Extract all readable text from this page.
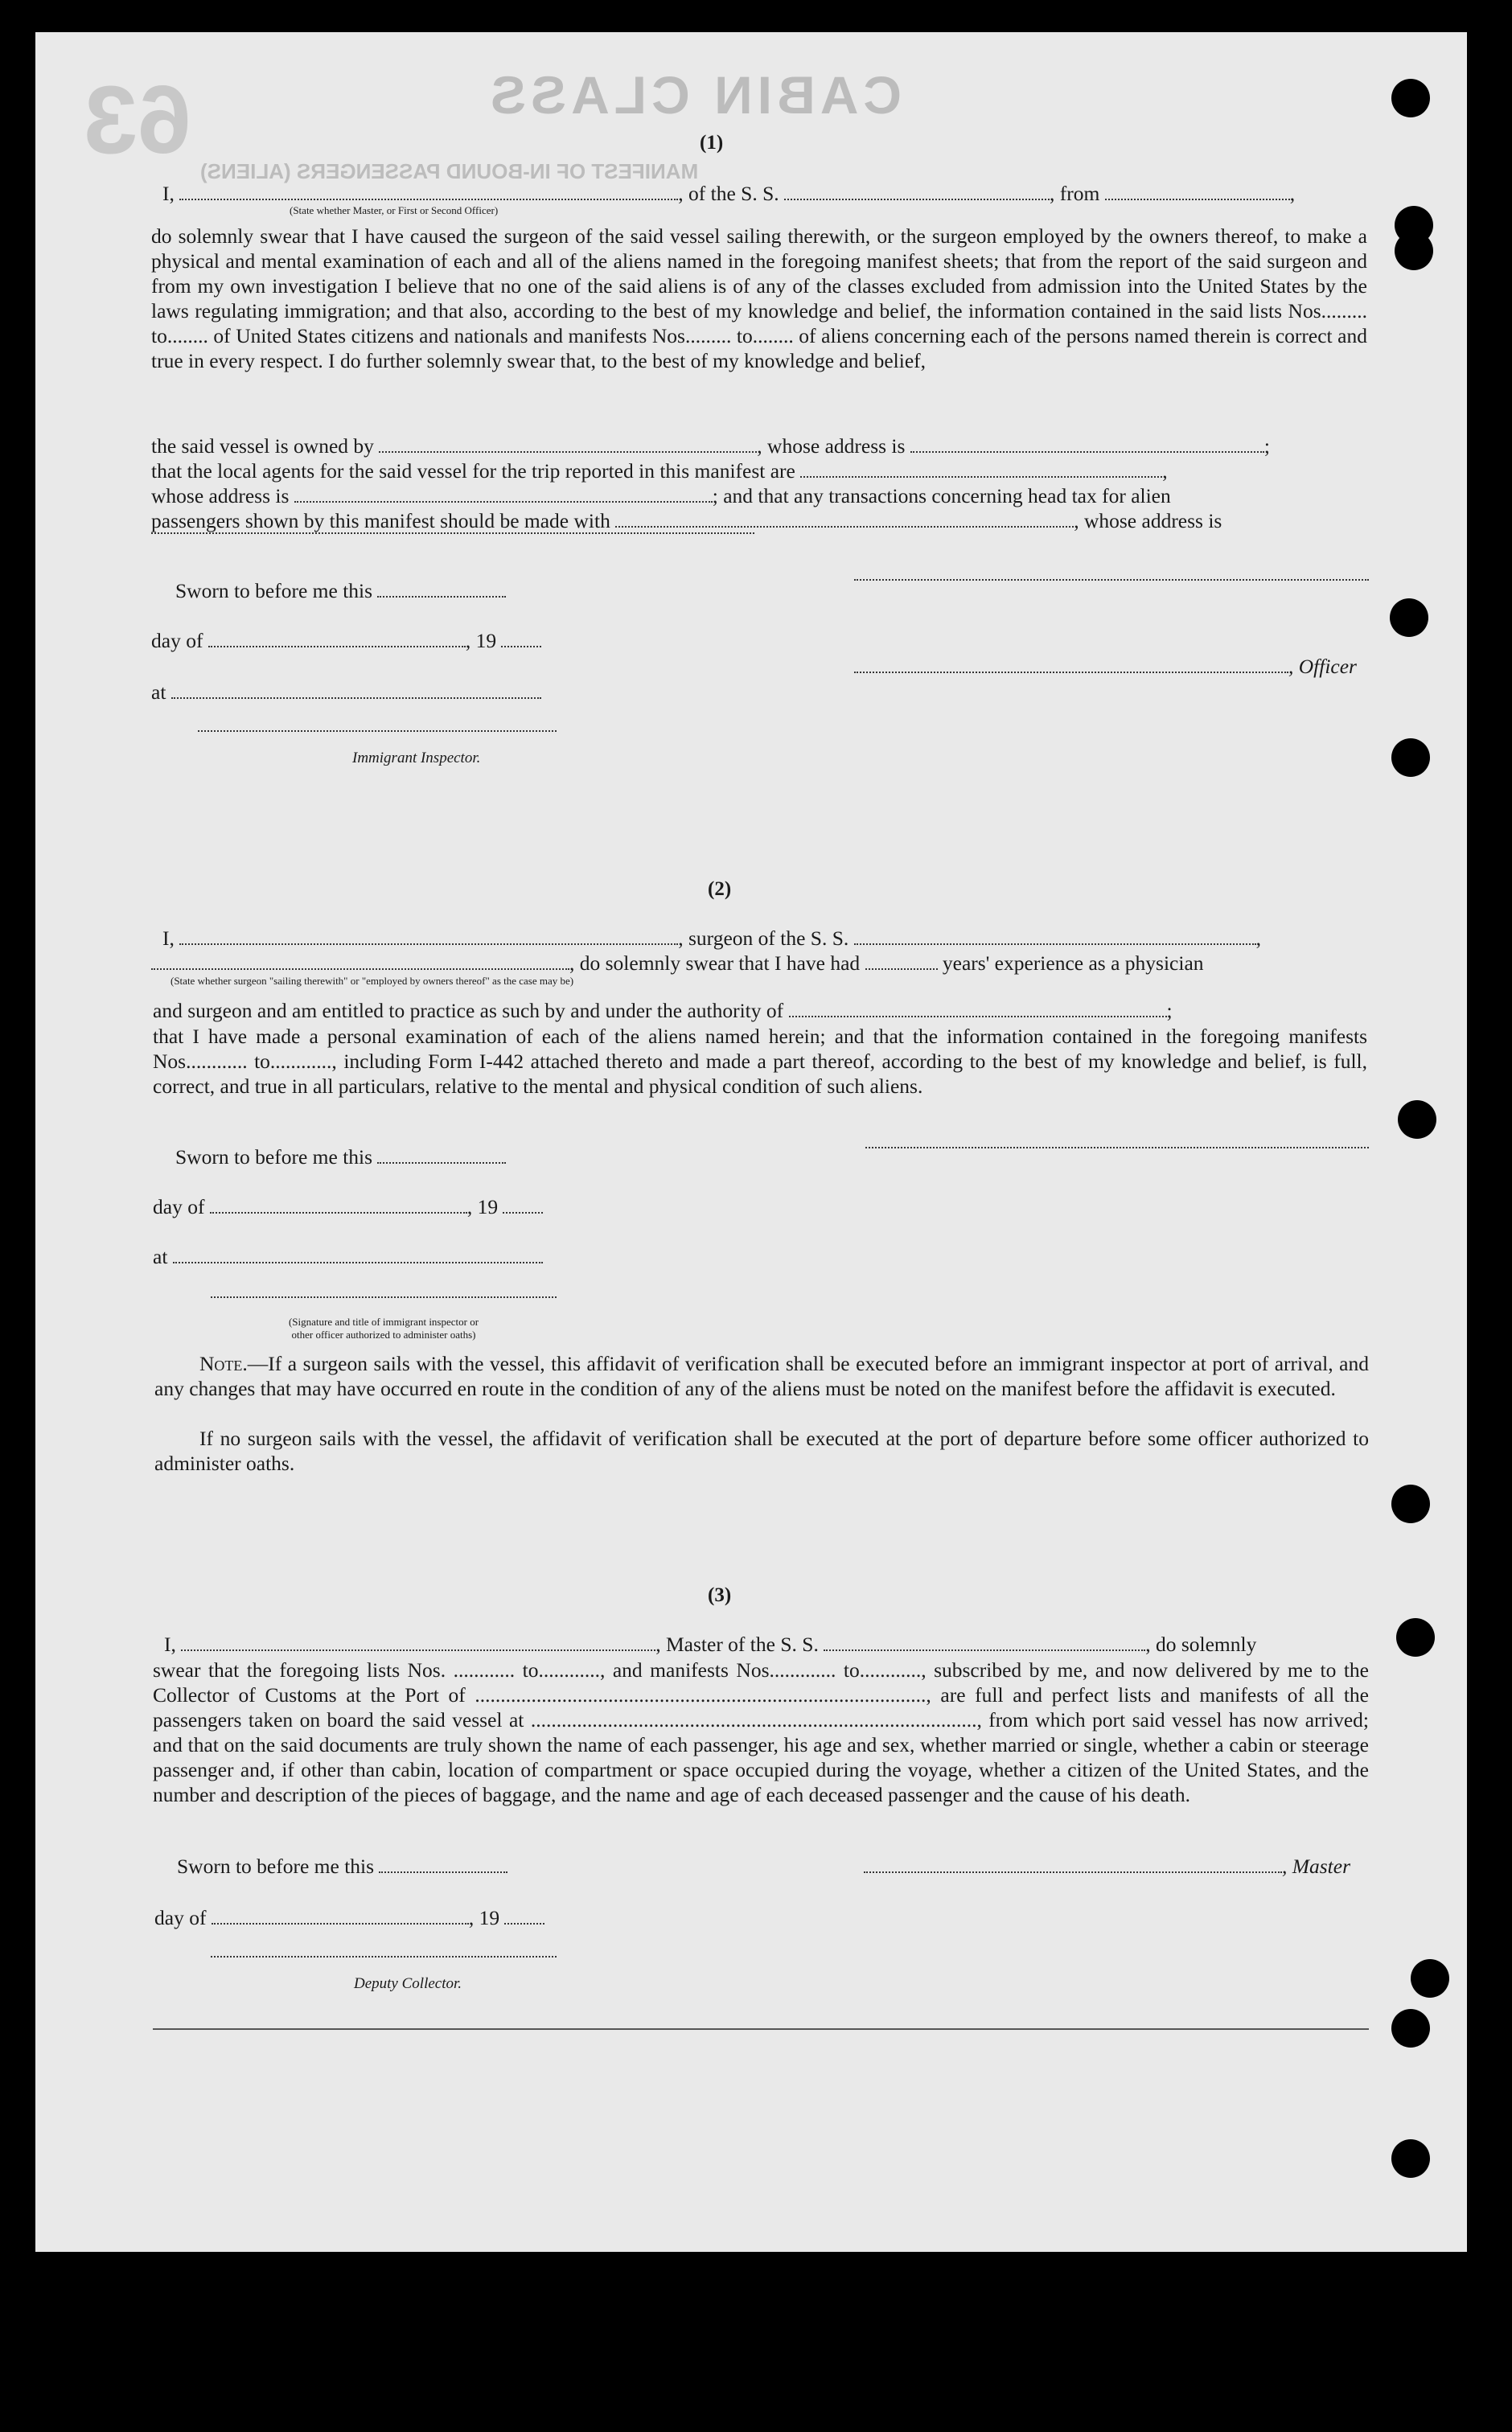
63	CABIN CLASS
MANIFEST OF IN-BOUND PASSENGERS (ALIENS)
(1)
I,	, of the S. S.	, from	,
(State whether Master, or First or Second Officer)
do solemnly swear that I have caused the surgeon of the said vessel sailing therewith, or the surgeon employed by the owners thereof, to make a physical and mental examination of each and all of the aliens named in the foregoing manifest sheets; that from the report of the said surgeon and from my own investigation I believe that no one of the said aliens is of any of the classes excluded from admission into the United States by the laws regulating immigration; and that also, according to the best of my knowledge and belief, the information contained in the said lists Nos......... to........ of United States citizens and nationals and manifests Nos......... to........ of aliens concerning each of the persons named therein is correct and true in every respect. I do further solemnly swear that, to the best of my knowledge and belief,
the said vessel is owned by	, whose address is	;
that the local agents for the said vessel for the trip reported in this manifest are	,
whose address is	; and that any transactions concerning head tax for alien
passengers shown by this manifest should be made with	, whose address is
Sworn to before me this
day of	, 19
, Officer
at
Immigrant Inspector.
(2)
I,	, surgeon of the S. S.	,
, do solemnly swear that I have had	years' experience as a physician
(State whether surgeon "sailing therewith" or "employed by owners thereof" as the case may be)
and surgeon and am entitled to practice as such by and under the authority of	;
that I have made a personal examination of each of the aliens named herein; and that the information contained in the foregoing manifests Nos............ to............, including Form I-442 attached thereto and made a part thereof, according to the best of my knowledge and belief, is full, correct, and true in all particulars, relative to the mental and physical condition of such aliens.
Sworn to before me this
day of	, 19
at
(Signature and title of immigrant inspector or
other officer authorized to administer oaths)
Note.—If a surgeon sails with the vessel, this affidavit of verification shall be executed before an immigrant inspector at port of arrival, and any changes that may have occurred en route in the condition of any of the aliens must be noted on the manifest before the affidavit is executed.
If no surgeon sails with the vessel, the affidavit of verification shall be executed at the port of departure before some officer authorized to administer oaths.
(3)
I,	, Master of the S. S.	, do solemnly
swear that the foregoing lists Nos. ............ to............, and manifests Nos............. to............, subscribed by me, and now delivered by me to the Collector of Customs at the Port of ........................................................................................, are full and perfect lists and manifests of all the passengers taken on board the said vessel at ......................................................................................., from which port said vessel has now arrived; and that on the said documents are truly shown the name of each passenger, his age and sex, whether married or single, whether a cabin or steerage passenger and, if other than cabin, location of compartment or space occupied during the voyage, whether a citizen of the United States, and the number and description of the pieces of baggage, and the name and age of each deceased passenger and the cause of his death.
Sworn to before me this	, Master
day of	, 19
Deputy Collector.
